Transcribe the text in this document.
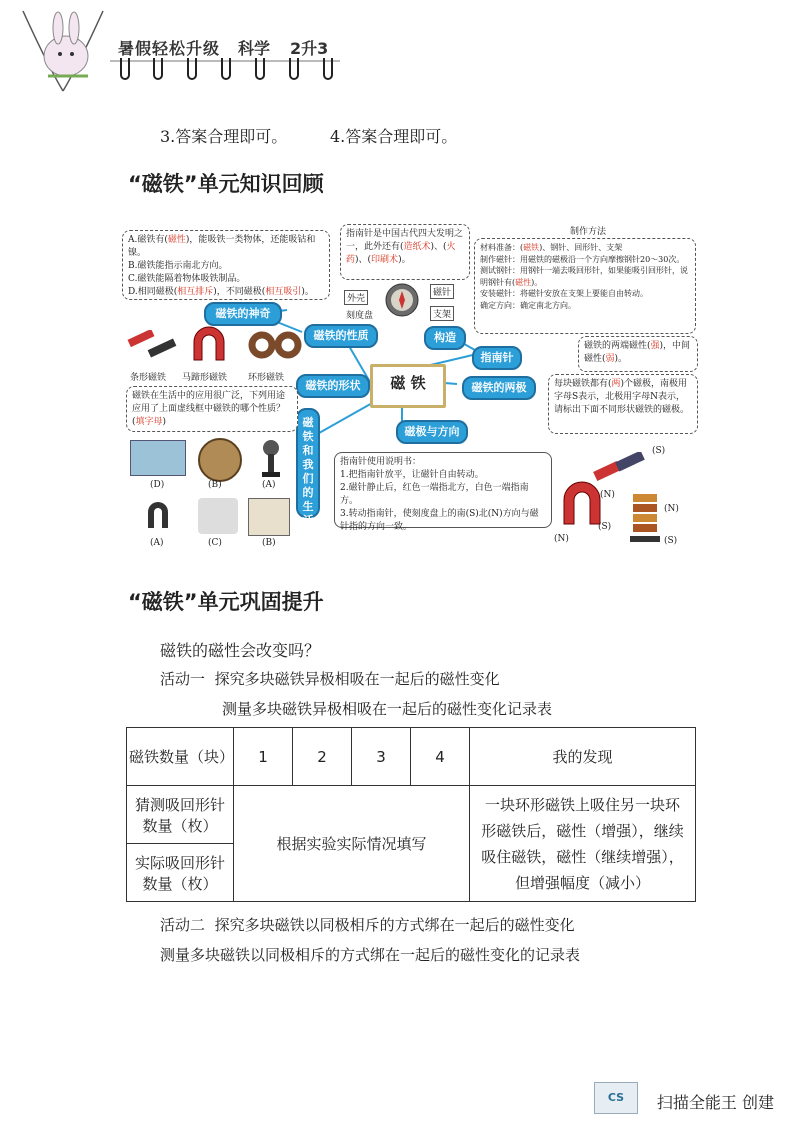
暑假轻松升级 科学 2升3
3.答案合理即可。	4.答案合理即可。
“磁铁”单元知识回顾
A.磁铁有(磁性)，能吸铁一类物体，还能吸钴和镍。
B.磁铁能指示南北方向。
C.磁铁能隔着物体吸铁制品。
D.相同磁极(相互排斥)，不同磁极(相互吸引)。
指南针是中国古代四大发明之一，此外还有(造纸术)、(火药)、(印刷术)。
制作方法
材料准备：(磁铁)、钢针、回形针、支架
制作磁针：用磁铁的磁极沿一个方向摩擦钢针20～30次。
测试钢针：用钢针一端去吸回形针，如果能吸引回形针，说明钢针有(磁性)。
安装磁针：将磁针安放在支架上要能自由转动。
确定方向：确定南北方向。
外壳
磁针
刻度盘	支架
磁铁的神奇
磁铁的性质	构造
指南针
磁铁的形状	磁铁的两极
磁极与方向
磁铁和我们的生活
磁 铁
条形磁铁 马蹄形磁铁 环形磁铁
磁铁在生活中的应用很广泛，下列用途应用了上面虚线框中磁铁的哪个性质？(填字母)
(D)	(B)	(A)
(A)	(C)	(B)
指南针使用说明书：
1.把指南针放平，让磁针自由转动。
2.磁针静止后，红色一端指北方，白色一端指南方。
3.转动指南针，使刻度盘上的南(S)北(N)方向与磁针指的方向一致。
磁铁的两端磁性(强)，中间磁性(弱)。
每块磁铁都有(两)个磁极，南极用字母S表示，北极用字母N表示，请标出下面不同形状磁铁的磁极。
(S)
(N)
(N)
(S)
(N)	(S)
“磁铁”单元巩固提升
磁铁的磁性会改变吗？
活动一 探究多块磁铁异极相吸在一起后的磁性变化
测量多块磁铁异极相吸在一起后的磁性变化记录表
磁铁数量（块）	1	2	3	4	我的发现
猜测吸回形针数量（枚）	根据实验实际情况填写				一块环形磁铁上吸住另一块环形磁铁后，磁性（增强），继续吸住磁铁，磁性（继续增强），但增强幅度（减小）
实际吸回形针数量（枚）					
活动二 探究多块磁铁以同极相斥的方式绑在一起后的磁性变化
测量多块磁铁以同极相斥的方式绑在一起后的磁性变化的记录表
CS	扫描全能王 创建
